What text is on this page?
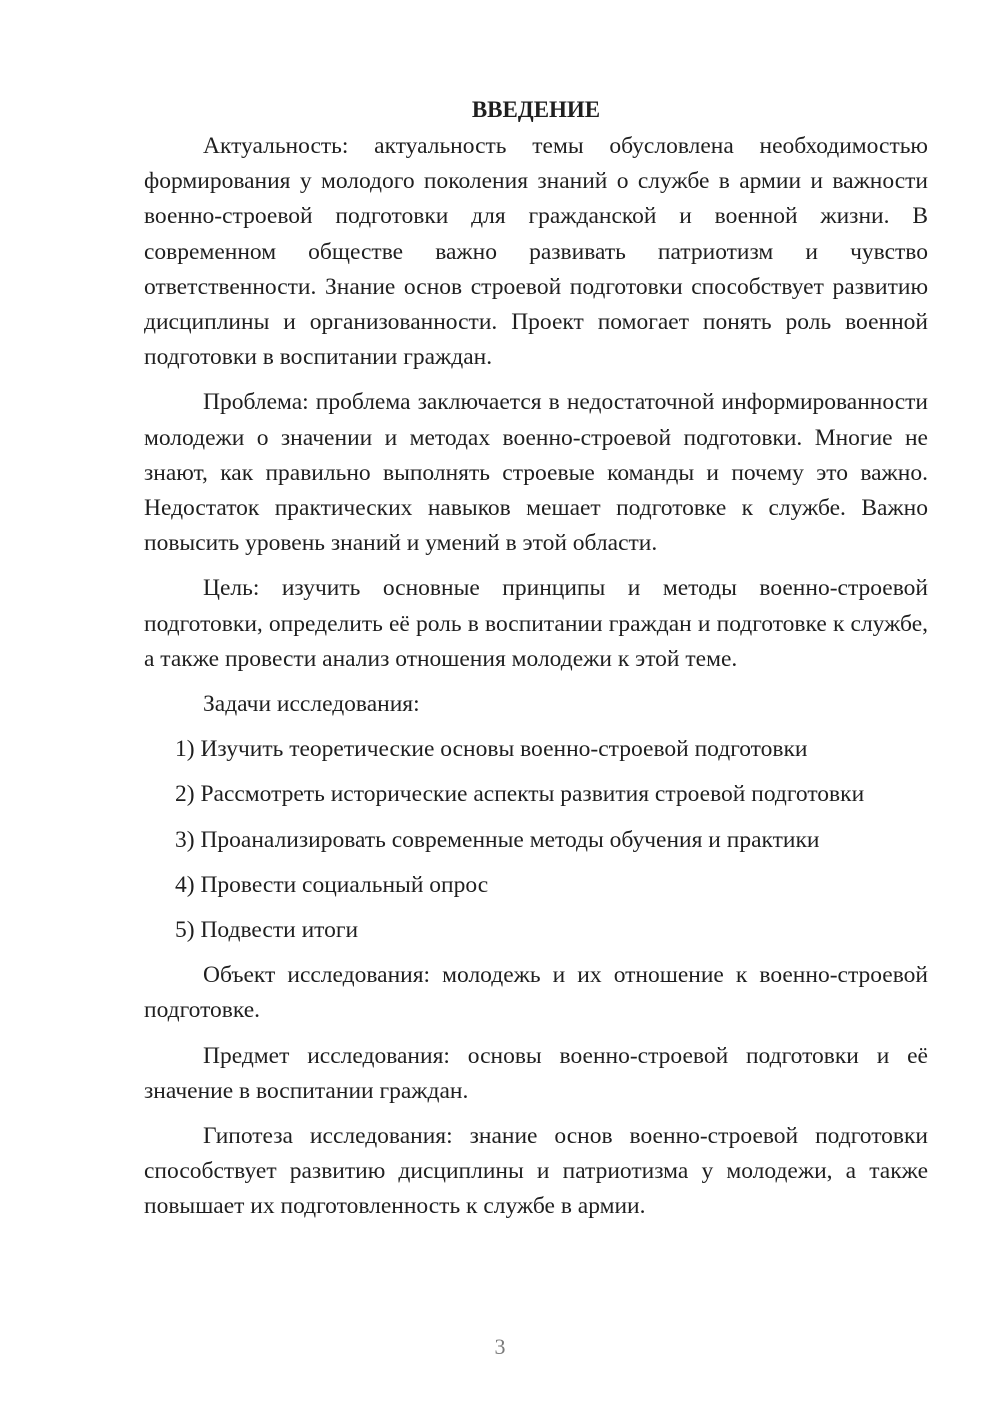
ВВЕДЕНИЕ

Актуальность: актуальность темы обусловлена необходимостью формирования у молодого поколения знаний о службе в армии и важности военно-строевой подготовки для гражданской и военной жизни. В современном обществе важно развивать патриотизм и чувство ответственности. Знание основ строевой подготовки способствует развитию дисциплины и организованности. Проект помогает понять роль военной подготовки в воспитании граждан.

Проблема: проблема заключается в недостаточной информированности молодежи о значении и методах военно-строевой подготовки. Многие не знают, как правильно выполнять строевые команды и почему это важно. Недостаток практических навыков мешает подготовке к службе. Важно повысить уровень знаний и умений в этой области.

Цель: изучить основные принципы и методы военно-строевой подготовки, определить её роль в воспитании граждан и подготовке к службе, а также провести анализ отношения молодежи к этой теме.

Задачи исследования:

1) Изучить теоретические основы военно-строевой подготовки
2) Рассмотреть исторические аспекты развития строевой подготовки
3) Проанализировать современные методы обучения и практики
4) Провести социальный опрос
5) Подвести итоги

Объект исследования: молодежь и их отношение к военно-строевой подготовке.

Предмет исследования: основы военно-строевой подготовки и её значение в воспитании граждан.

Гипотеза исследования: знание основ военно-строевой подготовки способствует развитию дисциплины и патриотизма у молодежи, а также повышает их подготовленность к службе в армии.

3
